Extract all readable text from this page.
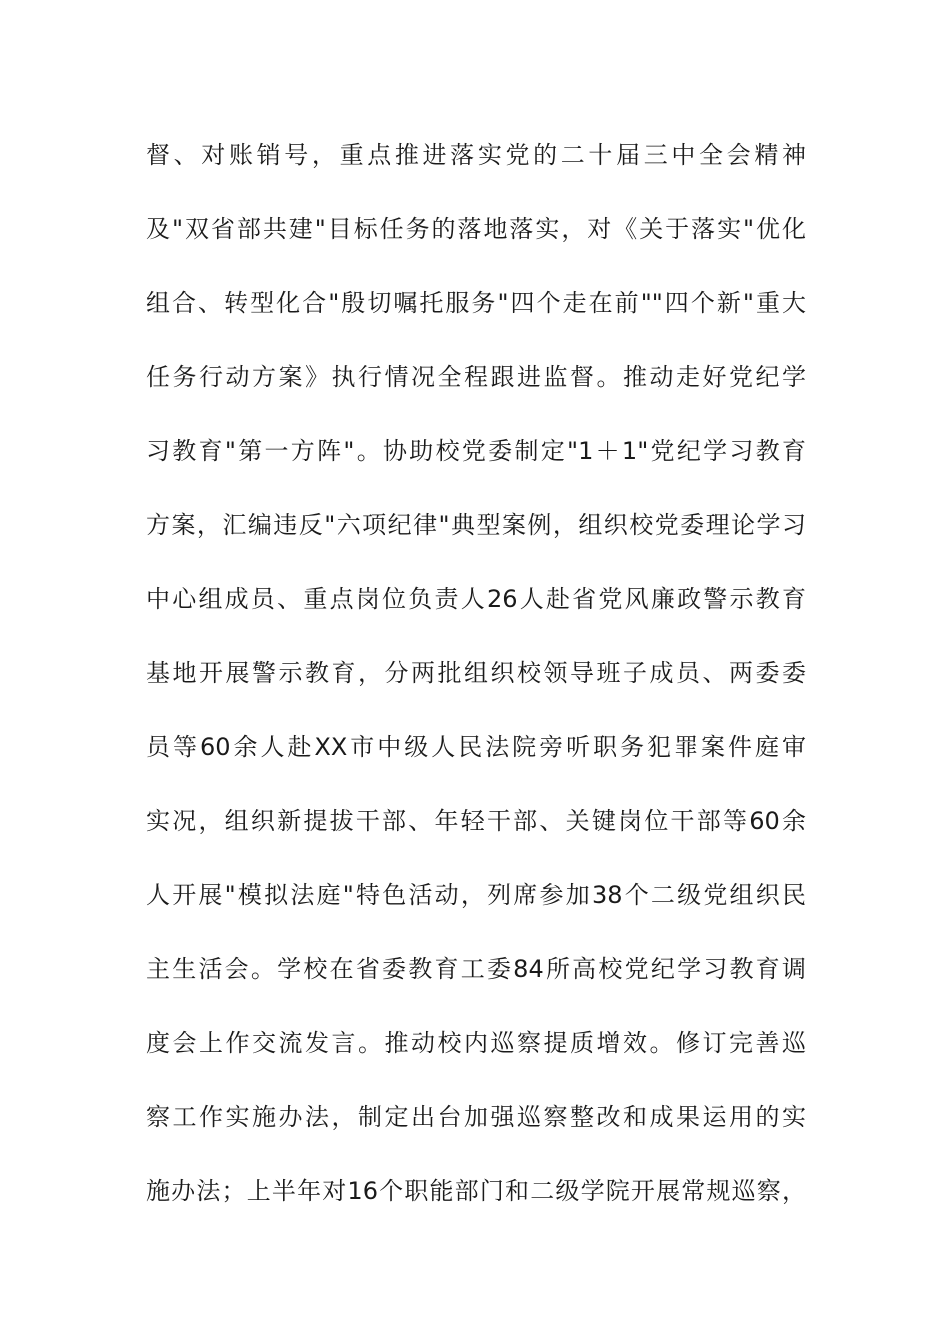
督、对账销号，重点推进落实党的二十届三中全会精神
及"双省部共建"目标任务的落地落实，对《关于落实"优化
组合、转型化合"殷切嘱托服务"四个走在前""四个新"重大
任务行动方案》执行情况全程跟进监督。推动走好党纪学
习教育"第一方阵"。协助校党委制定"1＋1"党纪学习教育
方案，汇编违反"六项纪律"典型案例，组织校党委理论学习
中心组成员、重点岗位负责人26人赴省党风廉政警示教育
基地开展警示教育，分两批组织校领导班子成员、两委委
员等60余人赴XX市中级人民法院旁听职务犯罪案件庭审
实况，组织新提拔干部、年轻干部、关键岗位干部等60余
人开展"模拟法庭"特色活动，列席参加38个二级党组织民
主生活会。学校在省委教育工委84所高校党纪学习教育调
度会上作交流发言。推动校内巡察提质增效。修订完善巡
察工作实施办法，制定出台加强巡察整改和成果运用的实
施办法；上半年对16个职能部门和二级学院开展常规巡察，
